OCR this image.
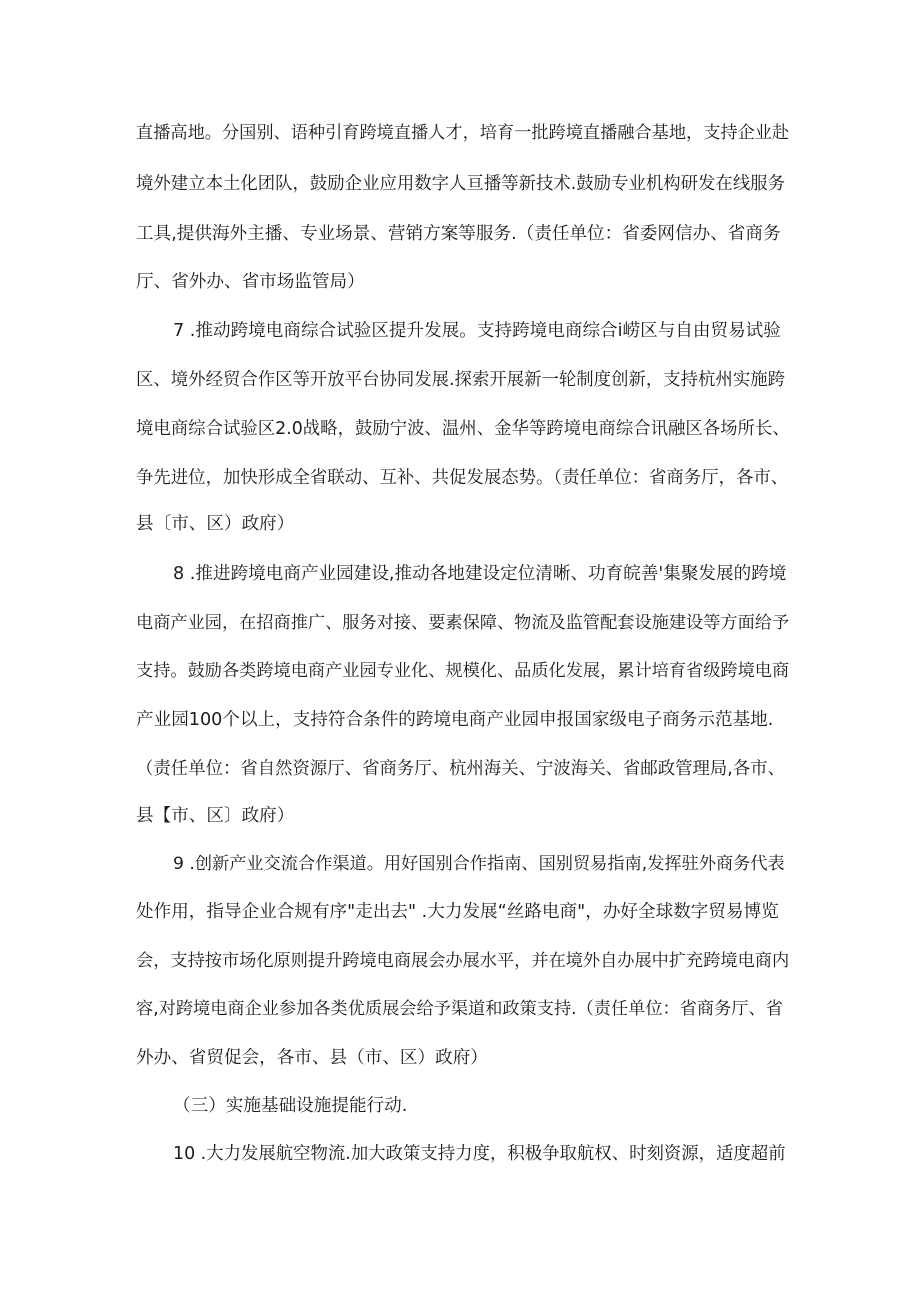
直播高地。分国别、语种引育跨境直播人才，培育一批跨境直播融合基地，支持企业赴

境外建立本土化团队，鼓励企业应用数字人亘播等新技术.鼓励专业机构研发在线服务

工具,提供海外主播、专业场景、营销方案等服务.（责任单位：省委网信办、省商务

厅、省外办、省市场监管局）

7 .推动跨境电商综合试验区提升发展。支持跨境电商综合i崂区与自由贸易试验

区、境外经贸合作区等开放平台协同发展.探索开展新一轮制度创新，支持杭州实施跨

境电商综合试验区2.0战略，鼓励宁波、温州、金华等跨境电商综合讯融区各场所长、

争先进位，加快形成全省联动、互补、共促发展态势。（责任单位：省商务厅，各市、

县〔市、区）政府）

8 .推进跨境电商产业园建设,推动各地建设定位清晰、功育皖善'集聚发展的跨境

电商产业园，在招商推广、服务对接、要素保障、物流及监管配套设施建设等方面给予

支持。鼓励各类跨境电商产业园专业化、规模化、品质化发展，累计培育省级跨境电商

产业园100个以上，支持符合条件的跨境电商产业园申报国家级电子商务示范基地.

（责任单位：省自然资源厅、省商务厅、杭州海关、宁波海关、省邮政管理局,各市、

县【市、区〕政府）

9 .创新产业交流合作渠道。用好国别合作指南、国别贸易指南,发挥驻外商务代表

处作用，指导企业合规有序"走出去" .大力发展“丝路电商"，办好全球数字贸易博览

会，支持按市场化原则提升跨境电商展会办展水平，并在境外自办展中扩充跨境电商内

容,对跨境电商企业参加各类优质展会给予渠道和政策支持.（责任单位：省商务厅、省

外办、省贸促会，各市、县（市、区）政府）

（三）实施基础设施提能行动.

10 .大力发展航空物流.加大政策支持力度，积极争取航权、时刻资源，适度超前
